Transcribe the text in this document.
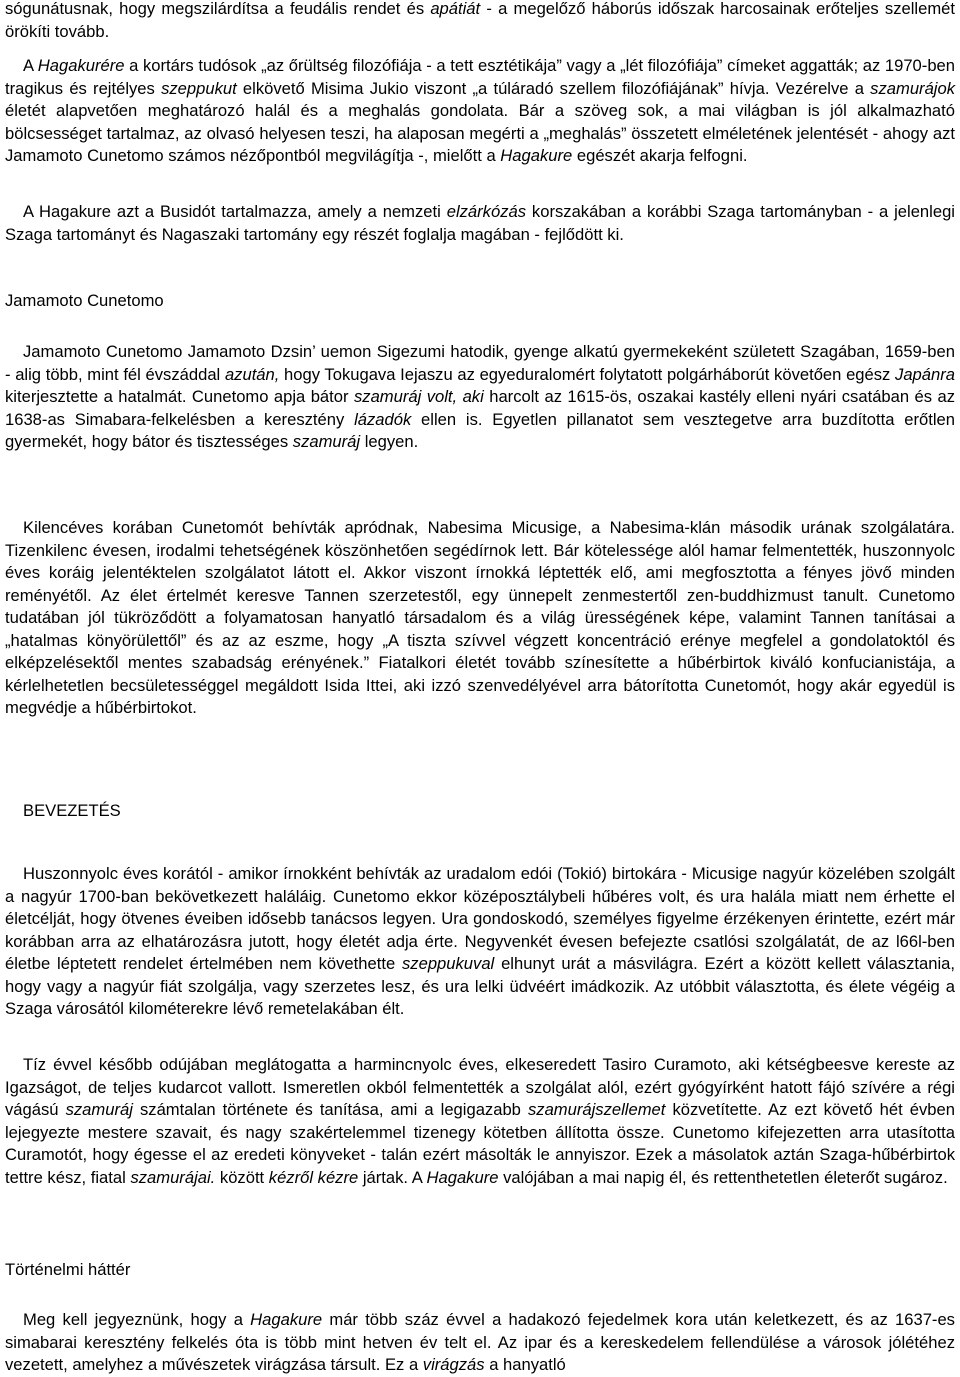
sógunátusnak, hogy megszilárdítsa a feudális rendet és apátiát - a megelőző háborús időszak harcosainak erőteljes szellemét örökíti tovább.

A Hagakurére a kortárs tudósok „az őrültség filozófiája - a tett esztétikája” vagy a „lét filozófiája” címeket aggatták; az 1970-ben tragikus és rejtélyes szeppukut elkövető Misima Jukio viszont „a túláradó szellem filozófiájának” hívja. Vezérelve a szamurájok életét alapvetően meghatározó halál és a meghalás gondolata. Bár a szöveg sok, a mai világban is jól alkalmazható bölcsességet tartalmaz, az olvasó helyesen teszi, ha alaposan megérti a „meghalás” összetett elméletének jelentését - ahogy azt Jamamoto Cunetomo számos nézőpontból megvilágítja -, mielőtt a Hagakure egészét akarja felfogni.

A Hagakure azt a Busidót tartalmazza, amely a nemzeti elzárkózás korszakában a korábbi Szaga tartományban - a jelenlegi Szaga tartományt és Nagaszaki tartomány egy részét foglalja magában - fejlődött ki.

Jamamoto Cunetomo

Jamamoto Cunetomo Jamamoto Dzsin’ uemon Sigezumi hatodik, gyenge alkatú gyermekeként született Szagában, 1659-ben - alig több, mint fél évszáddal azután, hogy Tokugava Iejaszu az egyeduralomért folytatott polgárháborút követően egész Japánra kiterjesztette a hatalmát. Cunetomo apja bátor szamuráj volt, aki harcolt az 1615-ös, oszakai kastély elleni nyári csatában és az 1638-as Simabara-felkelésben a keresztény lázadók ellen is. Egyetlen pillanatot sem vesztegetve arra buzdította erőtlen gyermekét, hogy bátor és tisztességes szamuráj legyen.

Kilencéves korában Cunetomót behívták apródnak, Nabesima Micusige, a Nabesima-klán második urának szolgálatára. Tizenkilenc évesen, irodalmi tehetségének köszönhetően segédírnok lett. Bár kötelessége alól hamar felmentették, huszonnyolc éves koráig jelentéktelen szolgálatot látott el. Akkor viszont írnokká léptették elő, ami megfosztotta a fényes jövő minden reményétől. Az élet értelmét keresve Tannen szerzetestől, egy ünnepelt zenmestertől zen-buddhizmust tanult. Cunetomo tudatában jól tükröződött a folyamatosan hanyatló társadalom és a világ ürességének képe, valamint Tannen tanításai a „hatalmas könyörülettől” és az az eszme, hogy „A tiszta szívvel végzett koncentráció erénye megfelel a gondolatoktól és elképzelésektől mentes szabadság erényének.” Fiatalkori életét tovább színesítette a hűbérbirtok kiváló konfucianistája, a kérlelhetetlen becsületességgel megáldott Isida Ittei, aki izzó szenvedélyével arra bátorította Cunetomót, hogy akár egyedül is megvédje a hűbérbirtokot.

BEVEZETÉS

Huszonnyolc éves korától - amikor írnokként behívták az uradalom edói (Tokió) birtokára - Micusige nagyúr közelében szolgált a nagyúr 1700-ban bekövetkezett haláláig. Cunetomo ekkor középosztálybeli hűbéres volt, és ura halála miatt nem érhette el életcélját, hogy ötvenes éveiben idősebb tanácsos legyen. Ura gondoskodó, személyes figyelme érzékenyen érintette, ezért már korábban arra az elhatározásra jutott, hogy életét adja érte. Negyvenkét évesen befejezte csatlósi szolgálatát, de az l66l-ben életbe léptetett rendelet értelmében nem követhette szeppukuval elhunyt urát a másvilágra. Ezért a között kellett választania, hogy vagy a nagyúr fiát szolgálja, vagy szerzetes lesz, és ura lelki üdvéért imádkozik. Az utóbbit választotta, és élete végéig a Szaga városától kilométerekre lévő remetelakában élt.

Tíz évvel később odújában meglátogatta a harmincnyolc éves, elkeseredett Tasiro Curamoto, aki kétségbeesve kereste az Igazságot, de teljes kudarcot vallott. Ismeretlen okból felmentették a szolgálat alól, ezért gyógyírként hatott fájó szívére a régi vágású szamuráj számtalan története és tanítása, ami a legigazabb szamurájszellemet közvetítette. Az ezt követő hét évben lejegyezte mestere szavait, és nagy szakértelemmel tizenegy kötetben állította össze. Cunetomo kifejezetten arra utasította Curamotót, hogy égesse el az eredeti könyveket - talán ezért másolták le annyiszor. Ezek a másolatok aztán Szaga-hűbérbirtok tettre kész, fiatal szamurájai. között kézről kézre jártak. A Hagakure valójában a mai napig él, és rettenthetetlen életerőt sugároz.

Történelmi háttér

Meg kell jegyeznünk, hogy a Hagakure már több száz évvel a hadakozó fejedelmek kora után keletkezett, és az 1637-es simabarai keresztény felkelés óta is több mint hetven év telt el. Az ipar és a kereskedelem fellendülése a városok jólétéhez vezetett, amelyhez a művészetek virágzása társult. Ez a virágzás a hanyatló
